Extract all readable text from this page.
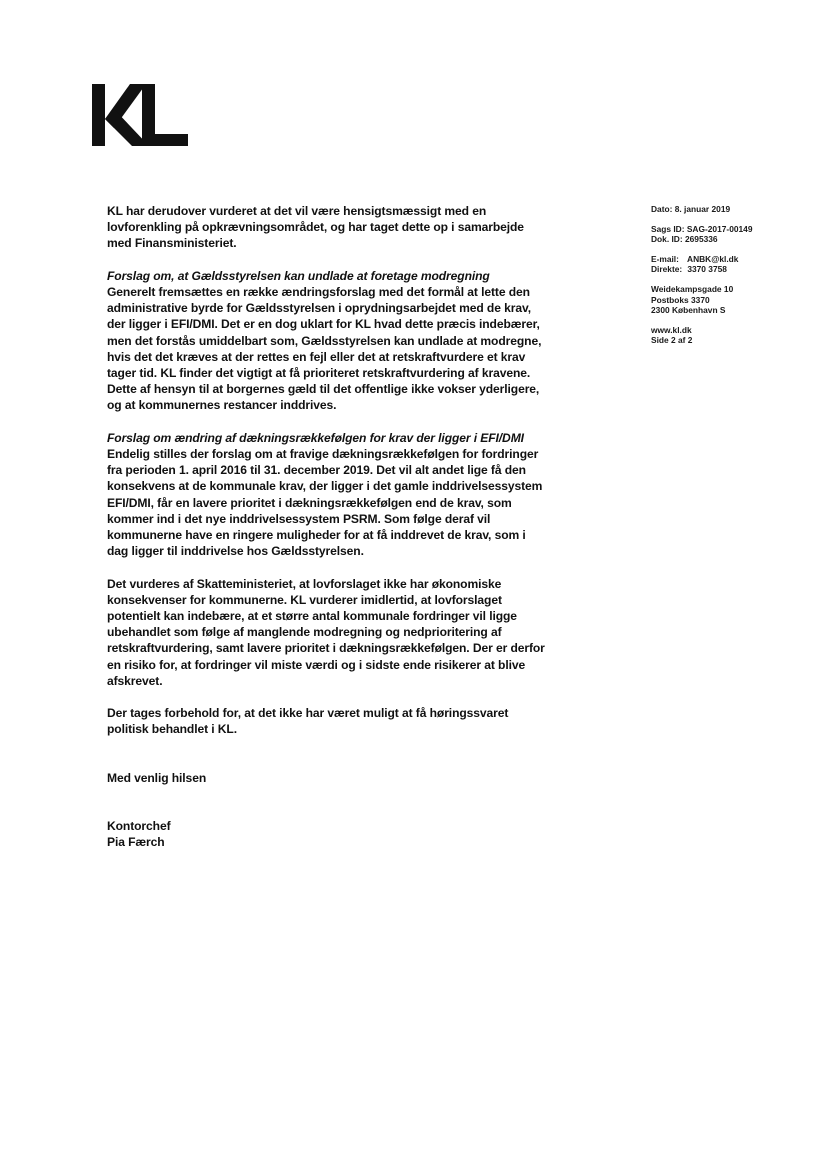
Dato: 8. januar 2019
Sags ID: SAG-2017-00149
Dok. ID: 2695336
E-mail: ANBK@kl.dk
Direkte: 3370 3758
Weidekampsgade 10
Postboks 3370
2300 København S
www.kl.dk
Side 2 af 2

KL har derudover vurderet at det vil være hensigtsmæssigt med en lovforenkling på opkrævningsområdet, og har taget dette op i samarbejde med Finansministeriet.

Forslag om, at Gældsstyrelsen kan undlade at foretage modregning
Generelt fremsættes en række ændringsforslag med det formål at lette den administrative byrde for Gældsstyrelsen i oprydningsarbejdet med de krav, der ligger i EFI/DMI. Det er en dog uklart for KL hvad dette præcis indebærer, men det forstås umiddelbart som, Gældsstyrelsen kan undlade at modregne, hvis det det kræves at der rettes en fejl eller det at retskraftvurdere et krav tager tid. KL finder det vigtigt at få prioriteret retskraftvurdering af kravene. Dette af hensyn til at borgernes gæld til det offentlige ikke vokser yderligere, og at kommunernes restancer inddrives.

Forslag om ændring af dækningsrækkefølgen for krav der ligger i EFI/DMI
Endelig stilles der forslag om at fravige dækningsrækkefølgen for fordringer fra perioden 1. april 2016 til 31. december 2019. Det vil alt andet lige få den konsekvens at de kommunale krav, der ligger i det gamle inddrivelsessystem EFI/DMI, får en lavere prioritet i dækningsrækkefølgen end de krav, som kommer ind i det nye inddrivelsessystem PSRM. Som følge deraf vil kommunerne have en ringere muligheder for at få inddrevet de krav, som i dag ligger til inddrivelse hos Gældsstyrelsen.

Det vurderes af Skatteministeriet, at lovforslaget ikke har økonomiske konsekvenser for kommunerne. KL vurderer imidlertid, at lovforslaget potentielt kan indebære, at et større antal kommunale fordringer vil ligge ubehandlet som følge af manglende modregning og nedprioritering af retskraftvurdering, samt lavere prioritet i dækningsrækkefølgen. Der er derfor en risiko for, at fordringer vil miste værdi og i sidste ende risikerer at blive afskrevet.

Der tages forbehold for, at det ikke har været muligt at få høringssvaret politisk behandlet i KL.

Med venlig hilsen

Kontorchef
Pia Færch
